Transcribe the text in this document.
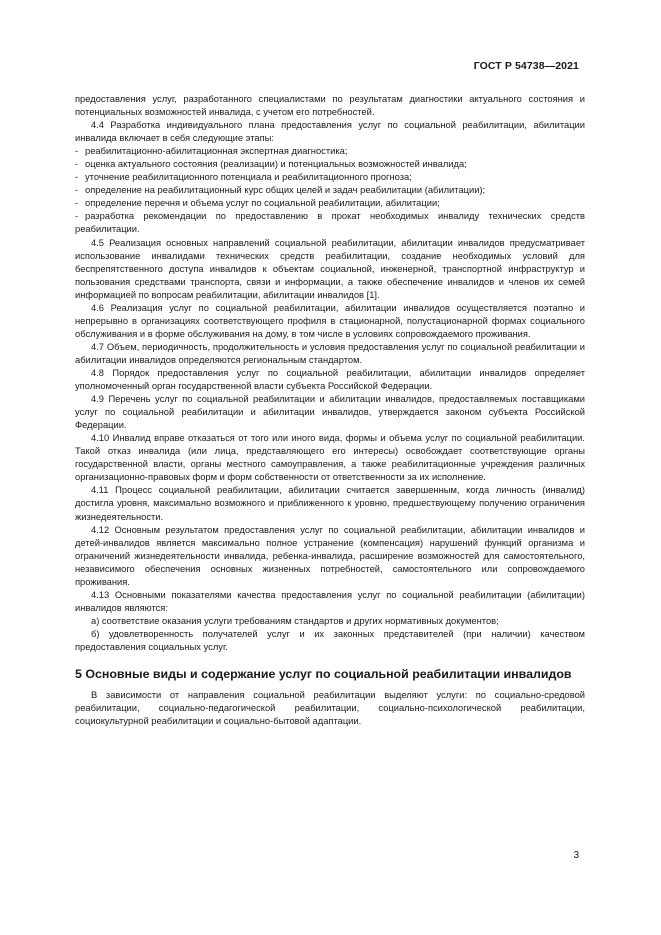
ГОСТ Р 54738—2021

предоставления услуг, разработанного специалистами по результатам диагностики актуального состояния и потенциальных возможностей инвалида, с учетом его потребностей.

4.4 Разработка индивидуального плана предоставления услуг по социальной реабилитации, абилитации инвалида включает в себя следующие этапы:

- реабилитационно-абилитационная экспертная диагностика;

- оценка актуального состояния (реализации) и потенциальных возможностей инвалида;

- уточнение реабилитационного потенциала и реабилитационного прогноза;

- определение на реабилитационный курс общих целей и задач реабилитации (абилитации);

- определение перечня и объема услуг по социальной реабилитации, абилитации;

- разработка рекомендации по предоставлению в прокат необходимых инвалиду технических средств реабилитации.

4.5 Реализация основных направлений социальной реабилитации, абилитации инвалидов предусматривает использование инвалидами технических средств реабилитации, создание необходимых условий для беспрепятственного доступа инвалидов к объектам социальной, инженерной, транспортной инфраструктур и пользования средствами транспорта, связи и информации, а также обеспечение инвалидов и членов их семей информацией по вопросам реабилитации, абилитации инвалидов [1].

4.6 Реализация услуг по социальной реабилитации, абилитации инвалидов осуществляется поэтапно и непрерывно в организациях соответствующего профиля в стационарной, полустационарной формах социального обслуживания и в форме обслуживания на дому, в том числе в условиях сопровождаемого проживания.

4.7 Объем, периодичность, продолжительность и условия предоставления услуг по социальной реабилитации и абилитации инвалидов определяются региональным стандартом.

4.8 Порядок предоставления услуг по социальной реабилитации, абилитации инвалидов определяет уполномоченный орган государственной власти субъекта Российской Федерации.

4.9 Перечень услуг по социальной реабилитации и абилитации инвалидов, предоставляемых поставщиками услуг по социальной реабилитации и абилитации инвалидов, утверждается законом субъекта Российской Федерации.

4.10 Инвалид вправе отказаться от того или иного вида, формы и объема услуг по социальной реабилитации. Такой отказ инвалида (или лица, представляющего его интересы) освобождает соответствующие органы государственной власти, органы местного самоуправления, а также реабилитационные учреждения различных организационно-правовых форм и форм собственности от ответственности за их исполнение.

4.11 Процесс социальной реабилитации, абилитации считается завершенным, когда личность (инвалид) достигла уровня, максимально возможного и приближенного к уровню, предшествующему получению ограничения жизнедеятельности.

4.12 Основным результатом предоставления услуг по социальной реабилитации, абилитации инвалидов и детей-инвалидов является максимально полное устранение (компенсация) нарушений функций организма и ограничений жизнедеятельности инвалида, ребенка-инвалида, расширение возможностей для самостоятельного, независимого обеспечения основных жизненных потребностей, самостоятельного или сопровождаемого проживания.

4.13 Основными показателями качества предоставления услуг по социальной реабилитации (абилитации) инвалидов являются:

а) соответствие оказания услуги требованиям стандартов и других нормативных документов;

б) удовлетворенность получателей услуг и их законных представителей (при наличии) качеством предоставления социальных услуг.

5 Основные виды и содержание услуг по социальной реабилитации инвалидов

В зависимости от направления социальной реабилитации выделяют услуги: по социально-средовой реабилитации, социально-педагогической реабилитации, социально-психологической реабилитации, социокультурной реабилитации и социально-бытовой адаптации.

3
